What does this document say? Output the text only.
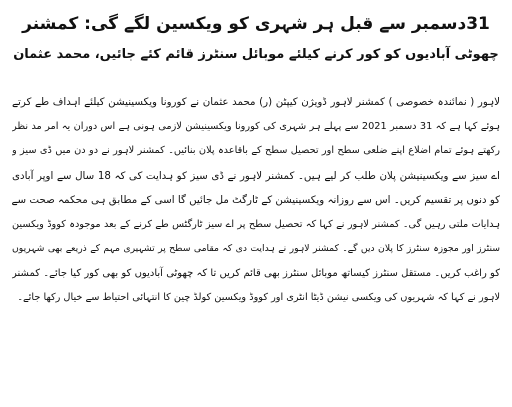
31دسمبر سے قبل ہر شہری کو ویکسین لگے گی: کمشنر
چھوٹی آبادیوں کو کور کرنے کیلئے موبائل سنٹرز قائم کئے جائیں، محمد عثمان
لاہور ( نمائندہ خصوصی ) کمشنر لاہور ڈویژن کیپٹن (ر) محمد عثمان نے کورونا ویکسینیشن کیلئے اہداف طے کرتے
ہوئے کہا ہے کہ 31 دسمبر 2021 سے پہلے ہر شہری کی کورونا ویکسینیشن لازمی ہونی ہے اس دوران یہ امر مد نظر
رکھتے ہوئے تمام اضلاع اپنے ضلعی سطح اور تحصیل سطح کے باقاعدہ پلان بنائیں۔ کمشنر لاہور نے دو دن میں ڈی سیز و
اے سیز سے ویکسینیشن پلان طلب کر لیے ہیں۔ کمشنر لاہور نے ڈی سیز کو ہدایت کی کہ 18 سال سے اوپر آبادی
کو دنوں پر تقسیم کریں۔ اس سے روزانہ ویکسینیشن کے ٹارگٹ مل جائیں گا اسی کے مطابق ہی محکمہ صحت سے
ہدایات ملتی رہیں گی۔ کمشنر لاہور نے کہا کہ تحصیل سطح پر اے سیز ٹارگٹس طے کرنے کے بعد موجودہ کووڈ ویکسین
سنٹرز اور مجوزہ سنٹرز کا پلان دیں گے۔ کمشنر لاہور نے ہدایت دی کہ مقامی سطح پر تشہیری مہم کے ذریعے بھی شہریوں
کو راغب کریں۔ مستقل سنٹرز کیساتھ موبائل سنٹرز بھی قائم کریں تا کہ چھوٹی آبادیوں کو بھی کور کیا جائے۔ کمشنر
لاہور نے کہا کہ شہریوں کی ویکسی نیشن ڈیٹا انٹری اور کووڈ ویکسین کولڈ چین کا انتہائی احتیاط سے خیال رکھا جائے۔
